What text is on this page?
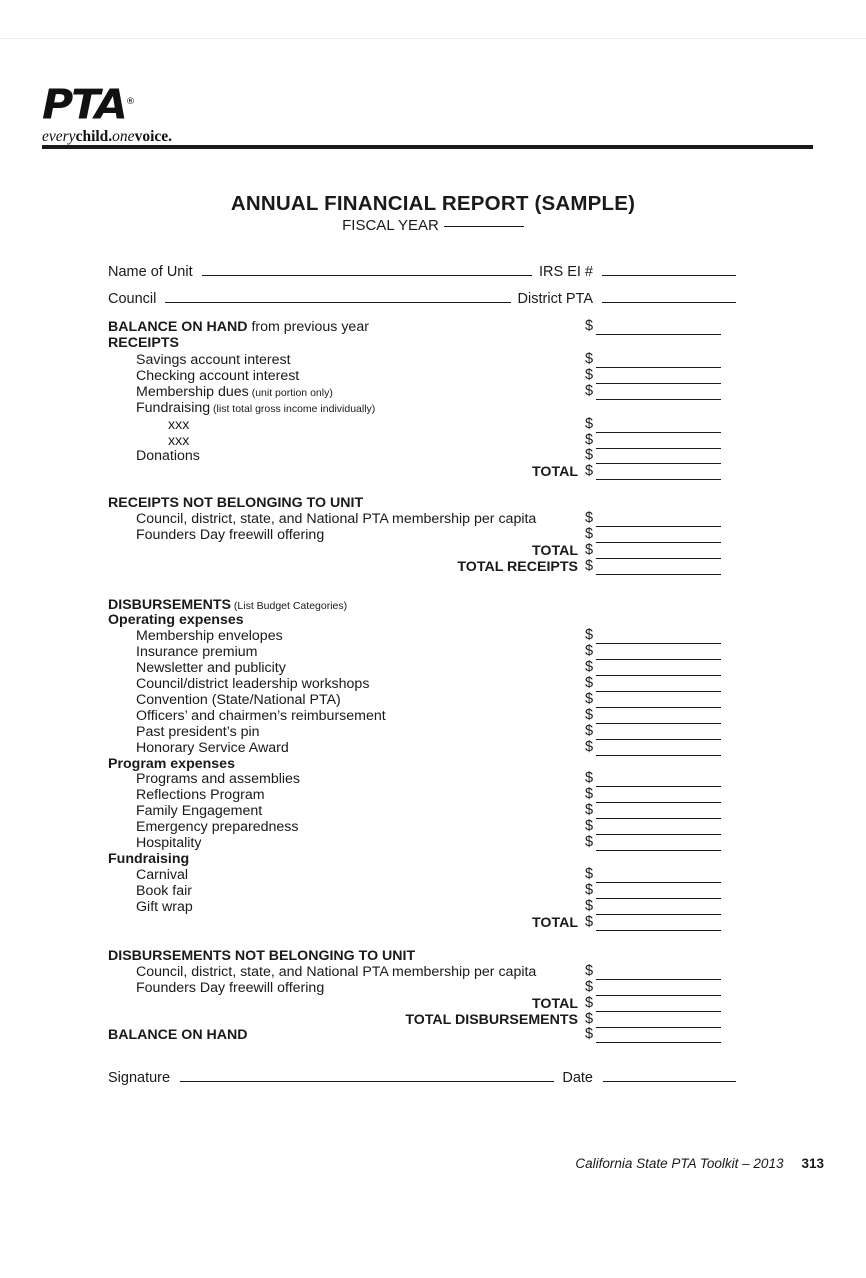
PTA®
everychild.onevoice.
ANNUAL FINANCIAL REPORT (SAMPLE)
FISCAL YEAR
Name of Unit	IRS EI #
Council	District PTA
BALANCE ON HAND from previous year	$
RECEIPTS
Savings account interest	$
Checking account interest	$
Membership dues (unit portion only)	$
Fundraising (list total gross income individually)
xxx	$
xxx	$
Donations	$
TOTAL $
RECEIPTS NOT BELONGING TO UNIT
Council, district, state, and National PTA membership per capita	$
Founders Day freewill offering	$
TOTAL $
TOTAL RECEIPTS $
DISBURSEMENTS (List Budget Categories)
Operating expenses
Membership envelopes	$
Insurance premium	$
Newsletter and publicity	$
Council/district leadership workshops	$
Convention (State/National PTA)	$
Officers’ and chairmen’s reimbursement	$
Past president’s pin	$
Honorary Service Award	$
Program expenses
Programs and assemblies	$
Reflections Program	$
Family Engagement	$
Emergency preparedness	$
Hospitality	$
Fundraising
Carnival	$
Book fair	$
Gift wrap	$
TOTAL $
DISBURSEMENTS NOT BELONGING TO UNIT
Council, district, state, and National PTA membership per capita	$
Founders Day freewill offering	$
TOTAL $
TOTAL DISBURSEMENTS $
BALANCE ON HAND	$
Signature	Date
California State PTA Toolkit – 2013 313
